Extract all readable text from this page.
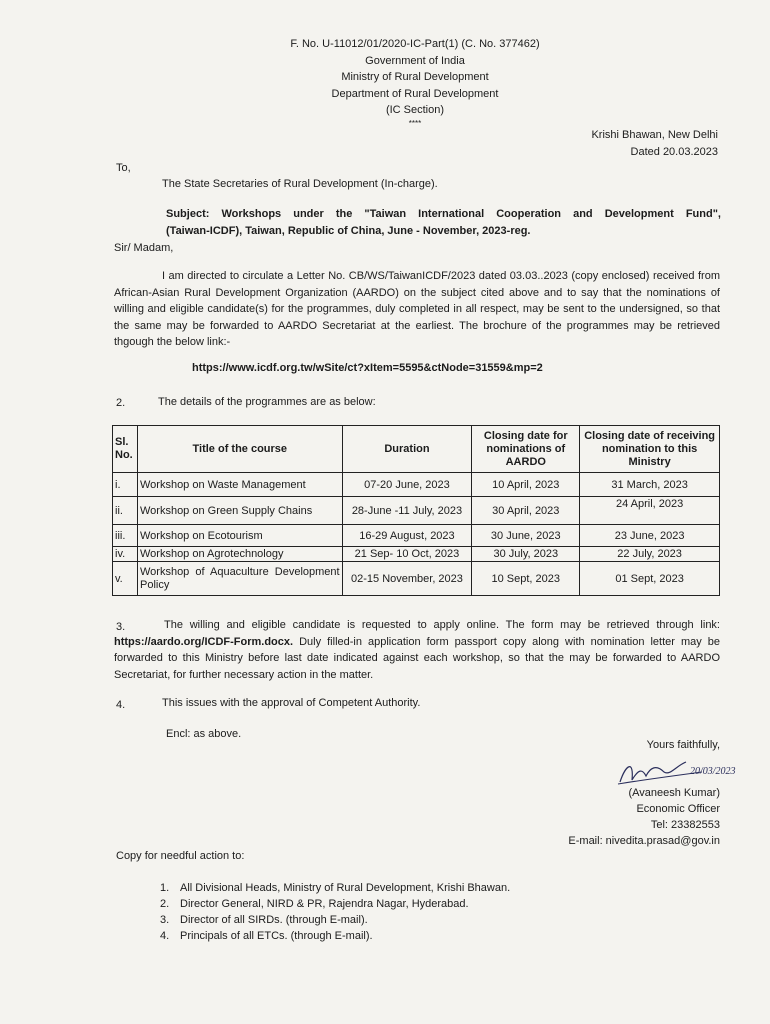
F. No. U-11012/01/2020-IC-Part(1) (C. No. 377462)
Government of India
Ministry of Rural Development
Department of Rural Development
(IC Section)
****
Krishi Bhawan, New Delhi
Dated 20.03.2023
To,
The State Secretaries of Rural Development (In-charge).
Subject: Workshops under the "Taiwan International Cooperation and Development Fund",
(Taiwan-ICDF), Taiwan, Republic of China, June - November, 2023-reg.
Sir/ Madam,
I am directed to circulate a Letter No. CB/WS/TaiwanICDF/2023 dated 03.03..2023 (copy enclosed) received from African-Asian Rural Development Organization (AARDO) on the subject cited above and to say that the nominations of willing and eligible candidate(s) for the programmes, duly completed in all respect, may be sent to the undersigned, so that the same may be forwarded to AARDO Secretariat at the earliest. The brochure of the programmes may be retrieved thgough the below link:-
https://www.icdf.org.tw/wSite/ct?xItem=5595&ctNode=31559&mp=2
2.	The details of the programmes are as below:
Sl. No.	Title of the course	Duration	Closing date for nominations of AARDO	Closing date of receiving nomination to this Ministry
i.	Workshop on Waste Management	07-20 June, 2023	10 April, 2023	31 March, 2023
ii.	Workshop on Green Supply Chains	28-June -11 July, 2023	30 April, 2023	24 April, 2023
iii.	Workshop on Ecotourism	16-29 August, 2023	30 June, 2023	23 June, 2023
iv.	Workshop on Agrotechnology	21 Sep- 10 Oct, 2023	30 July, 2023	22 July, 2023
v.	Workshop of Aquaculture Development Policy	02-15 November, 2023	10 Sept, 2023	01 Sept, 2023
3.	The willing and eligible candidate is requested to apply online. The form may be retrieved through link: https://aardo.org/ICDF-Form.docx. Duly filled-in application form passport copy along with nomination letter may be forwarded to this Ministry before last date indicated against each workshop, so that the may be forwarded to AARDO Secretariat, for further necessary action in the matter.
4.	This issues with the approval of Competent Authority.
Encl: as above.
Yours faithfully,
20/03/2023
(Avaneesh Kumar)
Economic Officer
Tel: 23382553
E-mail: nivedita.prasad@gov.in
Copy for needful action to:
1. All Divisional Heads, Ministry of Rural Development, Krishi Bhawan.
2. Director General, NIRD & PR, Rajendra Nagar, Hyderabad.
3. Director of all SIRDs. (through E-mail).
4. Principals of all ETCs. (through E-mail).
